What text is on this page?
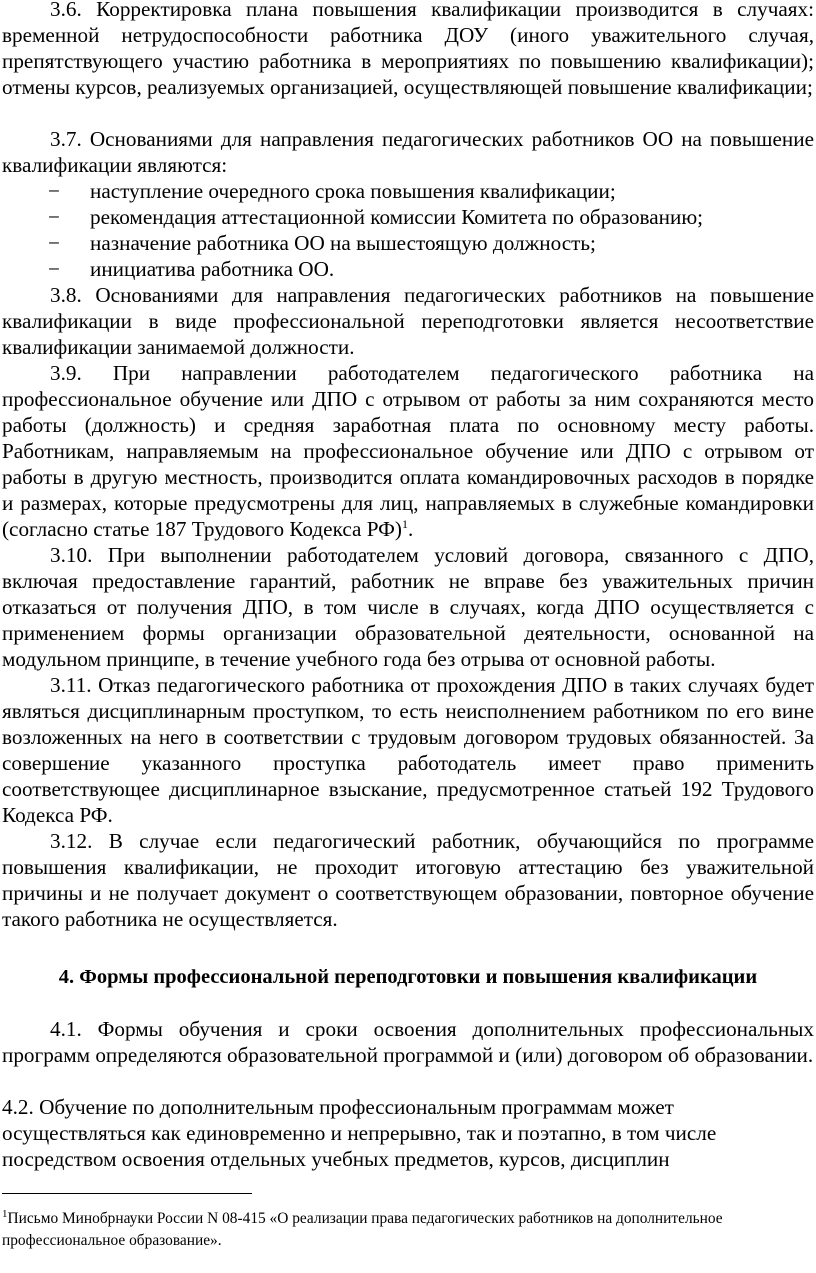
3.6. Корректировка плана повышения квалификации производится в случаях: временной нетрудоспособности работника ДОУ (иного уважительного случая, препятствующего участию работника в мероприятиях по повышению квалификации); отмены курсов, реализуемых организацией, осуществляющей повышение квалификации;

3.7. Основаниями для направления педагогических работников ОО на повышение квалификации являются:

− наступление очередного срока повышения квалификации;
− рекомендация аттестационной комиссии Комитета по образованию;
− назначение работника ОО на вышестоящую должность;
− инициатива работника ОО.

3.8. Основаниями для направления педагогических работников на повышение квалификации в виде профессиональной переподготовки является несоответствие квалификации занимаемой должности.

3.9. При направлении работодателем педагогического работника на профессиональное обучение или ДПО с отрывом от работы за ним сохраняются место работы (должность) и средняя заработная плата по основному месту работы. Работникам, направляемым на профессиональное обучение или ДПО с отрывом от работы в другую местность, производится оплата командировочных расходов в порядке и размерах, которые предусмотрены для лиц, направляемых в служебные командировки (согласно статье 187 Трудового Кодекса РФ)$^1$.

3.10. При выполнении работодателем условий договора, связанного с ДПО, включая предоставление гарантий, работник не вправе без уважительных причин отказаться от получения ДПО, в том числе в случаях, когда ДПО осуществляется с применением формы организации образовательной деятельности, основанной на модульном принципе, в течение учебного года без отрыва от основной работы.

3.11. Отказ педагогического работника от прохождения ДПО в таких случаях будет являться дисциплинарным проступком, то есть неисполнением работником по его вине возложенных на него в соответствии с трудовым договором трудовых обязанностей. За совершение указанного проступка работодатель имеет право применить соответствующее дисциплинарное взыскание, предусмотренное статьей 192 Трудового Кодекса РФ.

3.12. В случае если педагогический работник, обучающийся по программе повышения квалификации, не проходит итоговую аттестацию без уважительной причины и не получает документ о соответствующем образовании, повторное обучение такого работника не осуществляется.

4. Формы профессиональной переподготовки и повышения квалификации

4.1. Формы обучения и сроки освоения дополнительных профессиональных программ определяются образовательной программой и (или) договором об образовании.

4.2. Обучение по дополнительным профессиональным программам может
осуществляться как единовременно и непрерывно, так и поэтапно, в том числе
посредством освоения отдельных учебных предметов, курсов, дисциплин
$^1$Письмо Минобрнауки России N 08-415 «О реализации права педагогических работников на дополнительное профессиональное образование».
